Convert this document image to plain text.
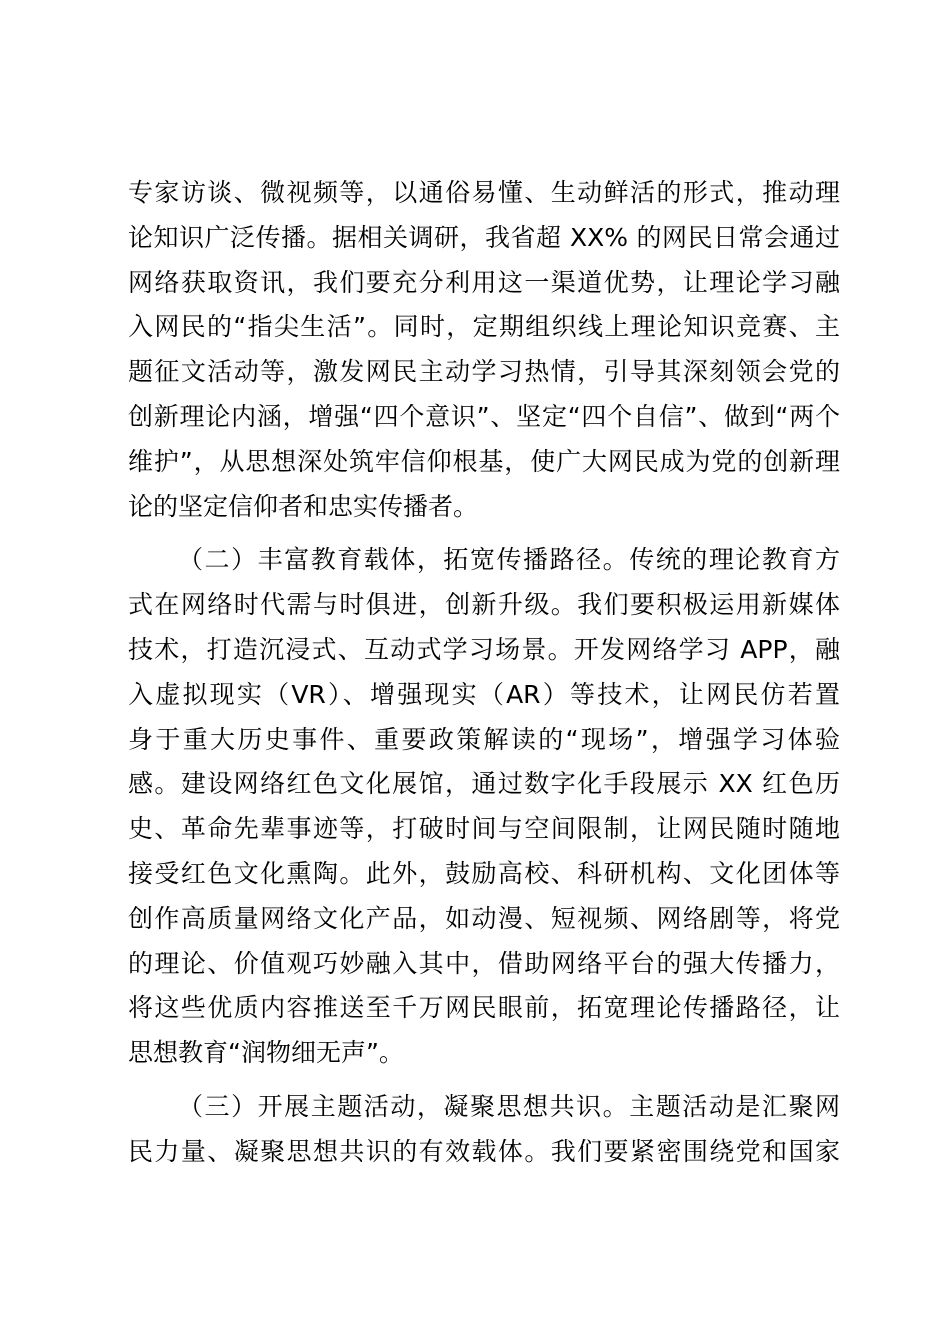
专家访谈、微视频等，以通俗易懂、生动鲜活的形式，推动理
论知识广泛传播。据相关调研，我省超 XX% 的网民日常会通过
网络获取资讯，我们要充分利用这一渠道优势，让理论学习融
入网民的“指尖生活”。同时，定期组织线上理论知识竞赛、主
题征文活动等，激发网民主动学习热情，引导其深刻领会党的
创新理论内涵，增强“四个意识”、坚定“四个自信”、做到“两个
维护”，从思想深处筑牢信仰根基，使广大网民成为党的创新理
论的坚定信仰者和忠实传播者。
（二）丰富教育载体，拓宽传播路径。传统的理论教育方
式在网络时代需与时俱进，创新升级。我们要积极运用新媒体
技术，打造沉浸式、互动式学习场景。开发网络学习 APP，融
入虚拟现实（VR）、增强现实（AR）等技术，让网民仿若置
身于重大历史事件、重要政策解读的“现场”，增强学习体验
感。建设网络红色文化展馆，通过数字化手段展示 XX 红色历
史、革命先辈事迹等，打破时间与空间限制，让网民随时随地
接受红色文化熏陶。此外，鼓励高校、科研机构、文化团体等
创作高质量网络文化产品，如动漫、短视频、网络剧等，将党
的理论、价值观巧妙融入其中，借助网络平台的强大传播力，
将这些优质内容推送至千万网民眼前，拓宽理论传播路径，让
思想教育“润物细无声”。
（三）开展主题活动，凝聚思想共识。主题活动是汇聚网
民力量、凝聚思想共识的有效载体。我们要紧密围绕党和国家
